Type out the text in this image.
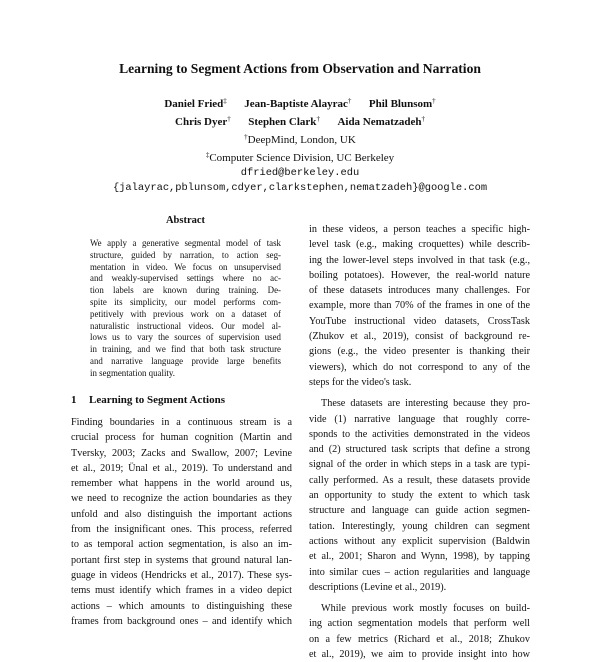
Learning to Segment Actions from Observation and Narration
Daniel Fried‡ Jean-Baptiste Alayrac† Phil Blunsom†
Chris Dyer† Stephen Clark† Aida Nematzadeh†
†DeepMind, London, UK
‡Computer Science Division, UC Berkeley
dfried@berkeley.edu
{jalayrac,pblunsom,cdyer,clarkstephen,nematzadeh}@google.com
Abstract
We apply a generative segmental model of task
structure, guided by narration, to action seg-
mentation in video. We focus on unsupervised
and weakly-supervised settings where no ac-
tion labels are known during training. De-
spite its simplicity, our model performs com-
petitively with previous work on a dataset of
naturalistic instructional videos. Our model al-
lows us to vary the sources of supervision used
in training, and we find that both task structure
and narrative language provide large benefits
in segmentation quality.
1 Learning to Segment Actions
Finding boundaries in a continuous stream is a
crucial process for human cognition (Martin and
Tversky, 2003; Zacks and Swallow, 2007; Levine
et al., 2019; Ünal et al., 2019). To understand and
remember what happens in the world around us,
we need to recognize the action boundaries as they
unfold and also distinguish the important actions
from the insignificant ones. This process, referred
to as temporal action segmentation, is also an im-
portant first step in systems that ground natural lan-
guage in videos (Hendricks et al., 2017). These sys-
tems must identify which frames in a video depict
actions – which amounts to distinguishing these
frames from background ones – and identify which
in these videos, a person teaches a specific high-
level task (e.g., making croquettes) while describ-
ing the lower-level steps involved in that task (e.g.,
boiling potatoes). However, the real-world nature
of these datasets introduces many challenges. For
example, more than 70% of the frames in one of the
YouTube instructional video datasets, CrossTask
(Zhukov et al., 2019), consist of background re-
gions (e.g., the video presenter is thanking their
viewers), which do not correspond to any of the
steps for the video's task.
These datasets are interesting because they pro-
vide (1) narrative language that roughly corre-
sponds to the activities demonstrated in the videos
and (2) structured task scripts that define a strong
signal of the order in which steps in a task are typi-
cally performed. As a result, these datasets provide
an opportunity to study the extent to which task
structure and language can guide action segmen-
tation. Interestingly, young children can segment
actions without any explicit supervision (Baldwin
et al., 2001; Sharon and Wynn, 1998), by tapping
into similar cues – action regularities and language
descriptions (Levine et al., 2019).
While previous work mostly focuses on build-
ing action segmentation models that perform well
on a few metrics (Richard et al., 2018; Zhukov
et al., 2019), we aim to provide insight into how
